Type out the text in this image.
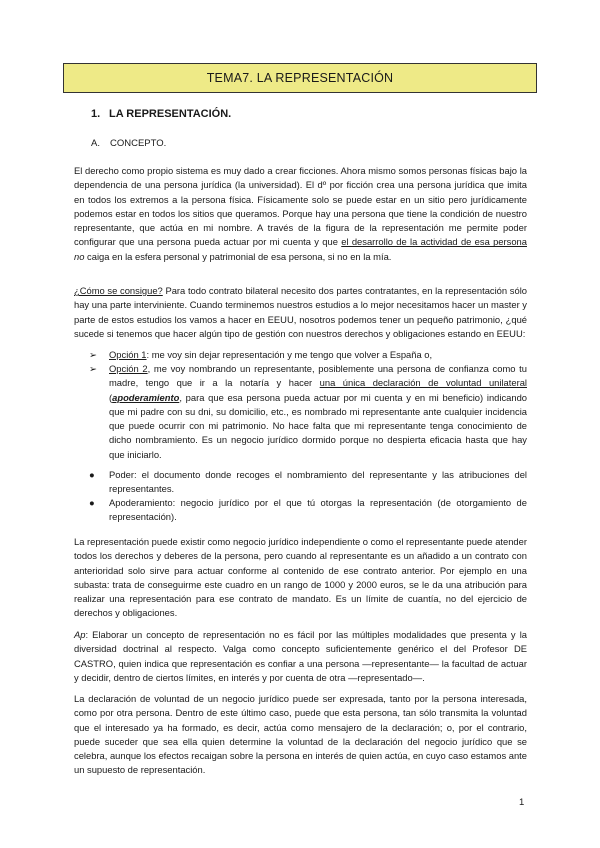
TEMA7. LA REPRESENTACIÓN
1. LA REPRESENTACIÓN.
A. CONCEPTO.

El derecho como propio sistema es muy dado a crear ficciones. Ahora mismo somos personas físicas bajo la dependencia de una persona jurídica (la universidad). El dº por ficción crea una persona jurídica que imita en todos los extremos a la persona física. Físicamente solo se puede estar en un sitio pero jurídicamente podemos estar en todos los sitios que queramos. Porque hay una persona que tiene la condición de nuestro representante, que actúa en mi nombre. A través de la figura de la representación me permite poder configurar que una persona pueda actuar por mi cuenta y que el desarrollo de la actividad de esa persona no caiga en la esfera personal y patrimonial de esa persona, si no en la mía.

¿Cómo se consigue? Para todo contrato bilateral necesito dos partes contratantes, en la representación sólo hay una parte interviniente. Cuando terminemos nuestros estudios a lo mejor necesitamos hacer un master y parte de estos estudios los vamos a hacer en EEUU, nosotros podemos tener un pequeño patrimonio, ¿qué sucede si tenemos que hacer algún tipo de gestión con nuestros derechos y obligaciones estando en EEUU:

➢	Opción 1: me voy sin dejar representación y me tengo que volver a España o,
➢	Opción 2, me voy nombrando un representante, posiblemente una persona de confianza como tu madre, tengo que ir a la notaría y hacer una única declaración de voluntad unilateral (apoderamiento, para que esa persona pueda actuar por mi cuenta y en mi beneficio) indicando que mi padre con su dni, su domicilio, etc., es nombrado mi representante ante cualquier incidencia que puede ocurrir con mi patrimonio. No hace falta que mi representante tenga conocimiento de dicho nombramiento. Es un negocio jurídico dormido porque no despierta eficacia hasta que hay que iniciarlo.
●	Poder: el documento donde recoges el nombramiento del representante y las atribuciones del representantes.
●	Apoderamiento: negocio jurídico por el que tú otorgas la representación (de otorgamiento de representación).

La representación puede existir como negocio jurídico independiente o como el representante puede atender todos los derechos y deberes de la persona, pero cuando al representante es un añadido a un contrato con anterioridad solo sirve para actuar conforme al contenido de ese contrato anterior. Por ejemplo en una subasta: trata de conseguirme este cuadro en un rango de 1000 y 2000 euros, se le da una atribución para realizar una representación para ese contrato de mandato. Es un límite de cuantía, no del ejercicio de derechos y obligaciones.

Ap: Elaborar un concepto de representación no es fácil por las múltiples modalidades que presenta y la diversidad doctrinal al respecto. Valga como concepto suficientemente genérico el del Profesor DE CASTRO, quien indica que representación es confiar a una persona —representante— la facultad de actuar y decidir, dentro de ciertos límites, en interés y por cuenta de otra —representado—.

La declaración de voluntad de un negocio jurídico puede ser expresada, tanto por la persona interesada, como por otra persona. Dentro de este último caso, puede que esta persona, tan sólo transmita la voluntad que el interesado ya ha formado, es decir, actúa como mensajero de la declaración; o, por el contrario, puede suceder que sea ella quien determine la voluntad de la declaración del negocio jurídico que se celebra, aunque los efectos recaigan sobre la persona en interés de quien actúa, en cuyo caso estamos ante un supuesto de representación.

1
